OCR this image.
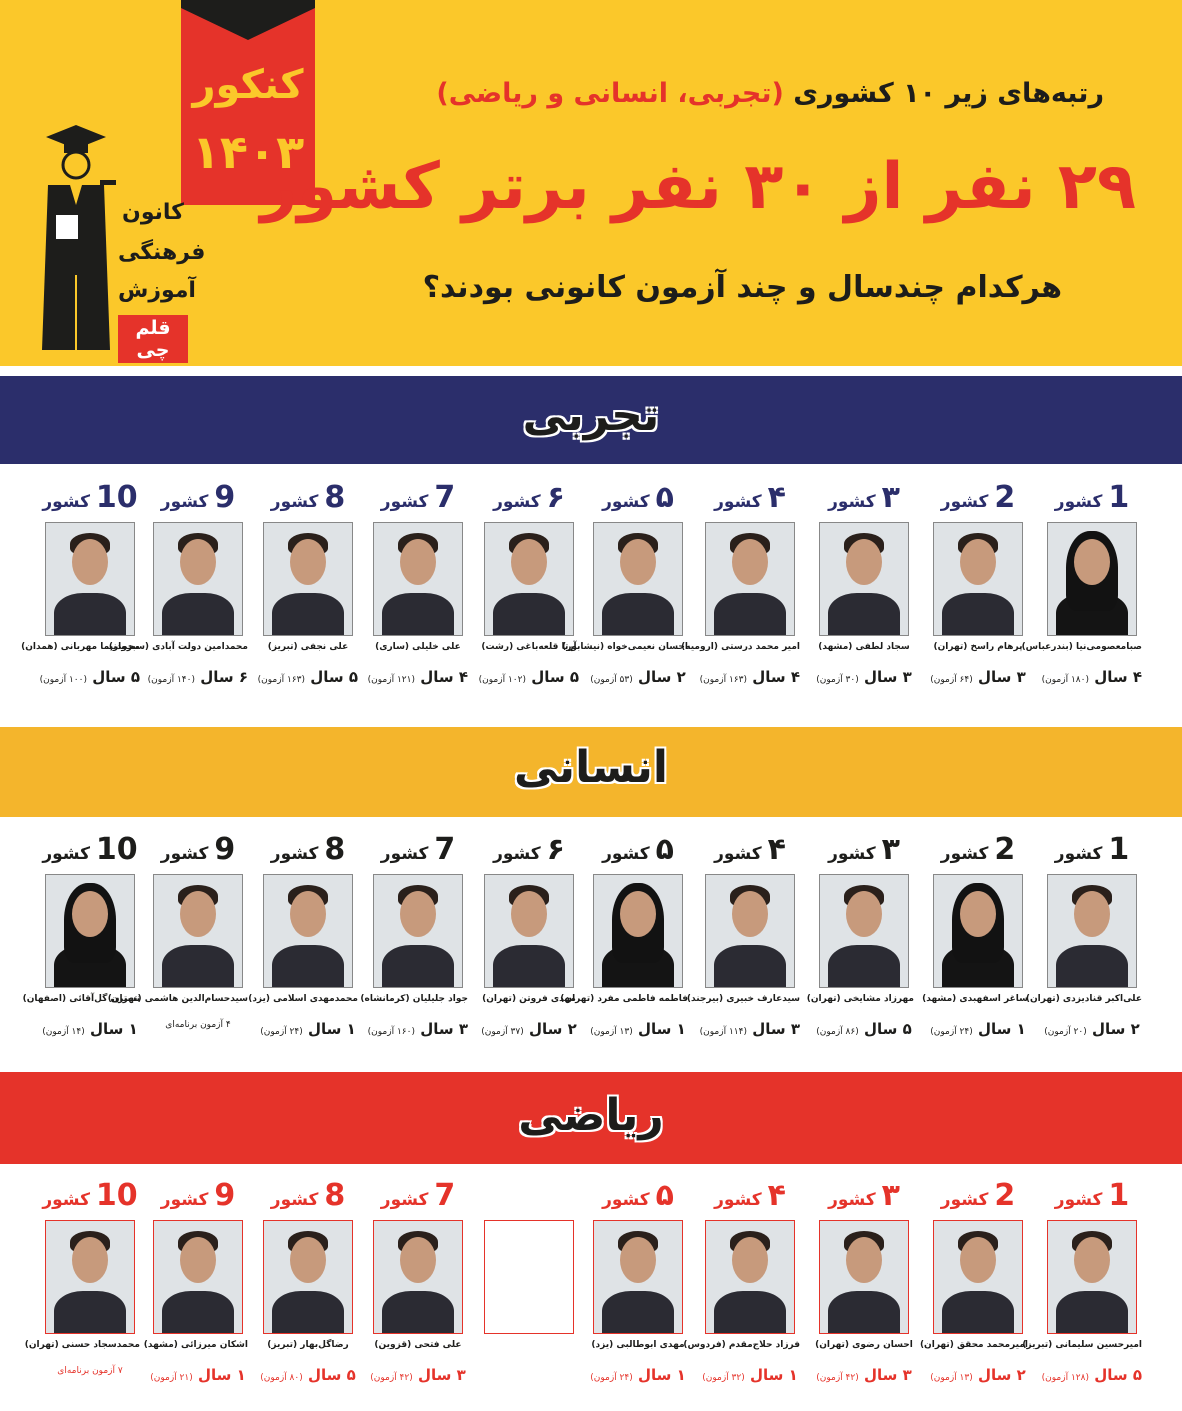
کنکور
۱۴۰۳
کانون
فرهنگی
آموزش
قلم چی
رتبه‌های زیر ۱۰ کشوری (تجربی، انسانی و ریاضی)
۲۹ نفر از ۳۰ نفر برتر کشور
هرکدام چندسال و چند آزمون کانونی بودند؟
تجربی
انسانی
ریاضی
1 کشور
صبامعصومی‌نیا (بندرعباس)
۴ سال (۱۸۰ آزمون)
2 کشور
پرهام راسخ (تهران)
۳ سال (۶۴ آزمون)
۳ کشور
سجاد لطفی (مشهد)
۳ سال (۳۰ آزمون)
۴ کشور
امیر محمد درستی (ارومیه)
۴ سال (۱۶۳ آزمون)
۵ کشور
احسان نعیمی‌خواه (نیشابور)
۲ سال (۵۳ آزمون)
۶ کشور
آرتا قلعه‌باغی (رشت)
۵ سال (۱۰۲ آزمون)
7 کشور
علی خلیلی (ساری)
۴ سال (۱۲۱ آزمون)
8 کشور
علی نجفی (تبریز)
۵ سال (۱۶۳ آزمون)
9 کشور
محمدامین دولت آبادی (سبزوار)
۶ سال (۱۴۰ آزمون)
10 کشور
محمدنیما مهربانی (همدان)
۵ سال (۱۰۰ آزمون)
1 کشور
علی‌اکبر قنادیزدی (تهران)
۲ سال (۲۰ آزمون)
2 کشور
ساغر اسفهبدی (مشهد)
۱ سال (۲۴ آزمون)
۳ کشور
مهرزاد مشایخی (تهران)
۵ سال (۸۶ آزمون)
۴ کشور
سیدعارف خبیری (بیرجند)
۳ سال (۱۱۴ آزمون)
۵ کشور
فاطمه فاطمی مفرد (تهران)
۱ سال (۱۳ آزمون)
۶ کشور
مهدی فروتن (تهران)
۲ سال (۳۷ آزمون)
7 کشور
جواد جلیلیان (کرمانشاه)
۳ سال (۱۶۰ آزمون)
8 کشور
محمدمهدی اسلامی (یزد)
۱ سال (۲۴ آزمون)
9 کشور
سیدحسام‌الدین هاشمی (تهران)
۴ آزمون برنامه‌ای
10 کشور
نسترن گل‌آقائی (اصفهان)
۱ سال (۱۴ آزمون)
1 کشور
امیرحسین سلیمانی (تبریز)
۵ سال (۱۲۸ آزمون)
2 کشور
امیرمحمد محقق (تهران)
۲ سال (۱۳ آزمون)
۳ کشور
احسان رضوی (تهران)
۳ سال (۴۲ آزمون)
۴ کشور
فرزاد حلاج‌مقدم (فردوس)
۱ سال (۳۲ آزمون)
۵ کشور
مهدی ابوطالبی (یزد)
۱ سال (۲۴ آزمون)
7 کشور
علی فتحی (قزوین)
۳ سال (۴۲ آزمون)
8 کشور
رضاگل‌بهار (تبریز)
۵ سال (۸۰ آزمون)
9 کشور
اشکان میرزائی (مشهد)
۱ سال (۲۱ آزمون)
10 کشور
محمدسجاد حسنی (تهران)
۷ آزمون برنامه‌ای
